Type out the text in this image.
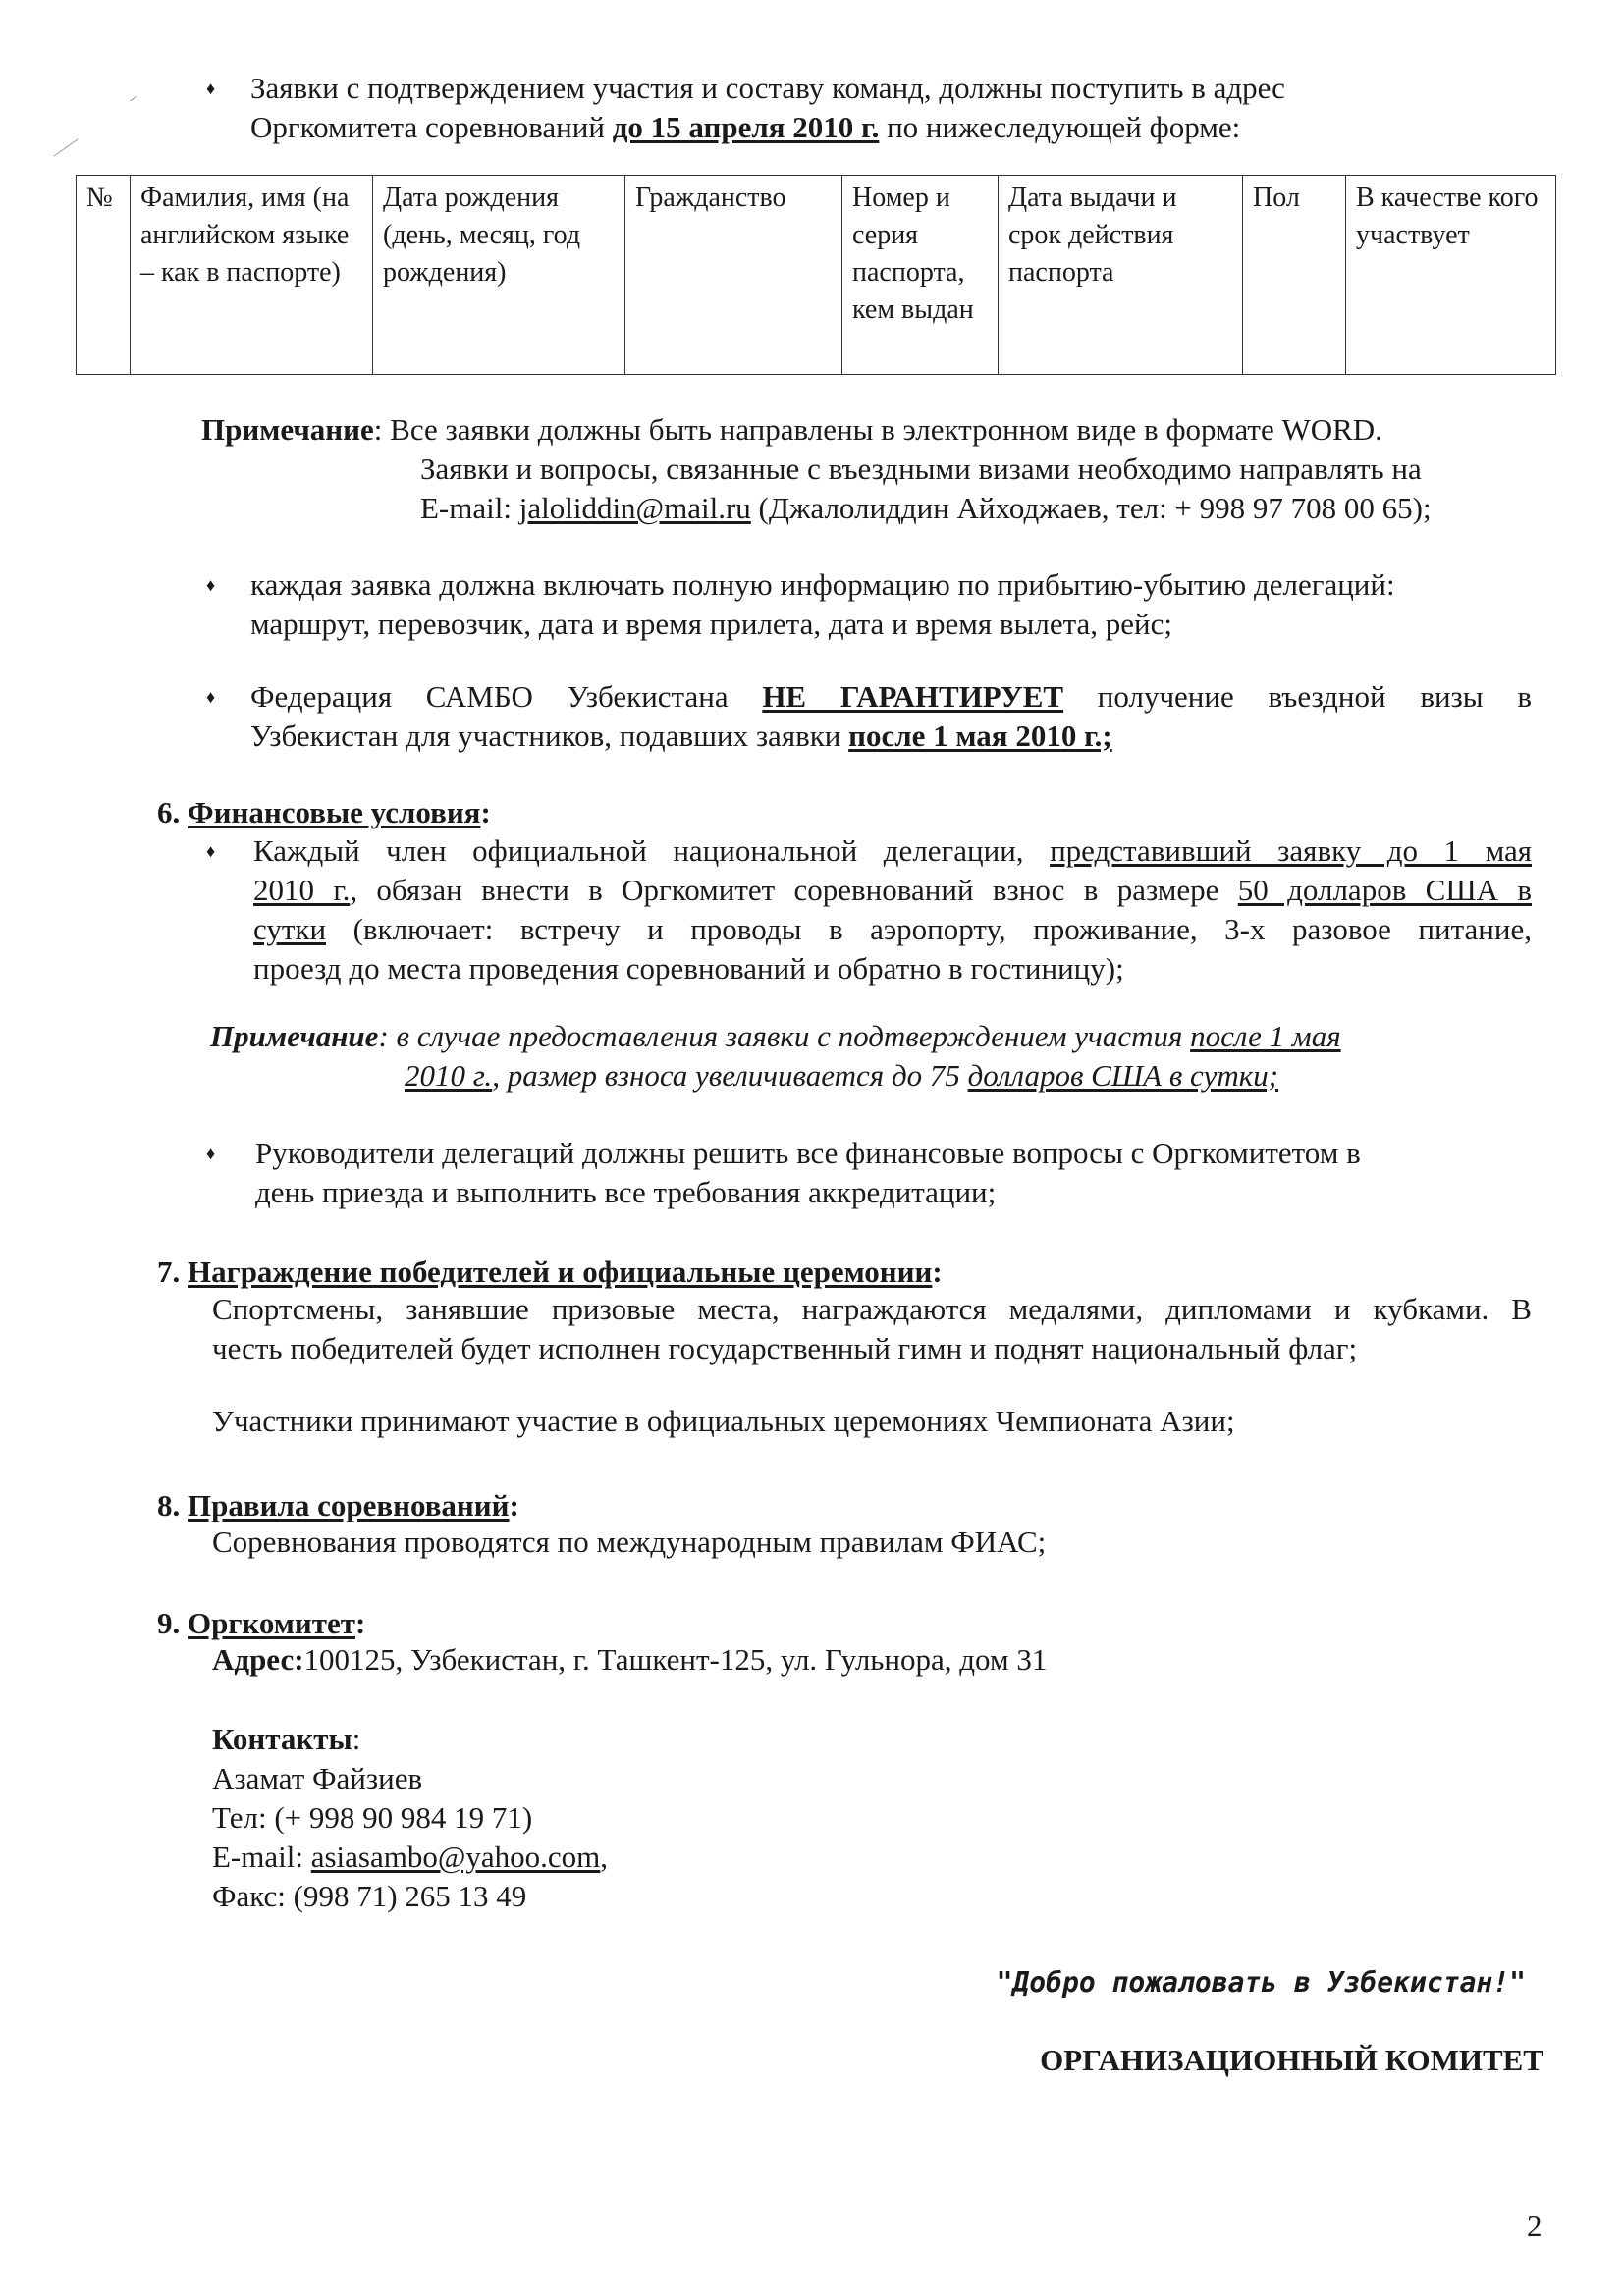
♦ Заявки с подтверждением участия и составу команд, должны поступить в адрес
Оргкомитета соревнований до 15 апреля 2010 г. по нижеследующей форме:
№	Фамилия, имя (на английском языке – как в паспорте)	Дата рождения (день, месяц, год рождения)	Гражданство	Номер и серия паспорта, кем выдан	Дата выдачи и срок действия паспорта	Пол	В качестве кого участвует
Примечание: Все заявки должны быть направлены в электронном виде в формате WORD.
Заявки и вопросы, связанные с въездными визами необходимо направлять на
E-mail: jaloliddin@mail.ru (Джалолиддин Айходжаев, тел: + 998 97 708 00 65);
♦ каждая заявка должна включать полную информацию по прибытию-убытию делегаций:
маршрут, перевозчик, дата и время прилета, дата и время вылета, рейс;
♦ Федерация САМБО Узбекистана НЕ ГАРАНТИРУЕТ получение въездной визы в
Узбекистан для участников, подавших заявки после 1 мая 2010 г.;
6. Финансовые условия:
♦ Каждый член официальной национальной делегации, представивший заявку до 1 мая
2010 г., обязан внести в Оргкомитет соревнований взнос в размере 50 долларов США в
сутки (включает: встречу и проводы в аэропорту, проживание, 3-х разовое питание,
проезд до места проведения соревнований и обратно в гостиницу);
Примечание: в случае предоставления заявки с подтверждением участия после 1 мая
2010 г., размер взноса увеличивается до 75 долларов США в сутки;
♦ Руководители делегаций должны решить все финансовые вопросы с Оргкомитетом в
день приезда и выполнить все требования аккредитации;
7. Награждение победителей и официальные церемонии:
Спортсмены, занявшие призовые места, награждаются медалями, дипломами и кубками. В
честь победителей будет исполнен государственный гимн и поднят национальный флаг;
Участники принимают участие в официальных церемониях Чемпионата Азии;
8. Правила соревнований:
Соревнования проводятся по международным правилам ФИАС;
9. Оргкомитет:
Адрес:100125, Узбекистан, г. Ташкент-125, ул. Гульнора, дом 31
Контакты:
Азамат Файзиев
Тел: (+ 998 90 984 19 71)
E-mail: asiasambo@yahoo.com,
Факс: (998 71) 265 13 49
"Добро пожаловать в Узбекистан!"
ОРГАНИЗАЦИОННЫЙ КОМИТЕТ
2
